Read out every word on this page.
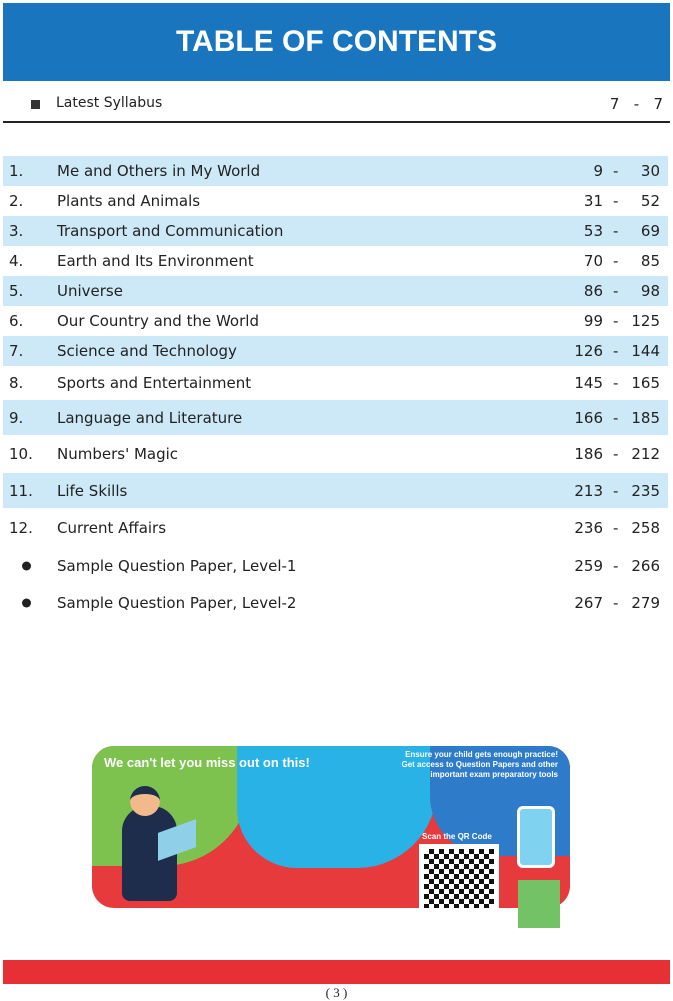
TABLE OF CONTENTS
Latest Syllabus	7 - 7
1. Me and Others in My World	9 - 30
2. Plants and Animals	31 - 52
3. Transport and Communication	53 - 69
4. Earth and Its Environment	70 - 85
5. Universe	86 - 98
6. Our Country and the World	99 - 125
7. Science and Technology	126 - 144
8. Sports and Entertainment	145 - 165
9. Language and Literature	166 - 185
10. Numbers' Magic	186 - 212
11. Life Skills	213 - 235
12. Current Affairs	236 - 258
Sample Question Paper, Level-1	259 - 266
Sample Question Paper, Level-2	267 - 279
We can't let you miss out on this!
Ensure your child gets enough practice! Get access to Question Papers and other important exam preparatory tools
Scan the QR Code
( 3 )
